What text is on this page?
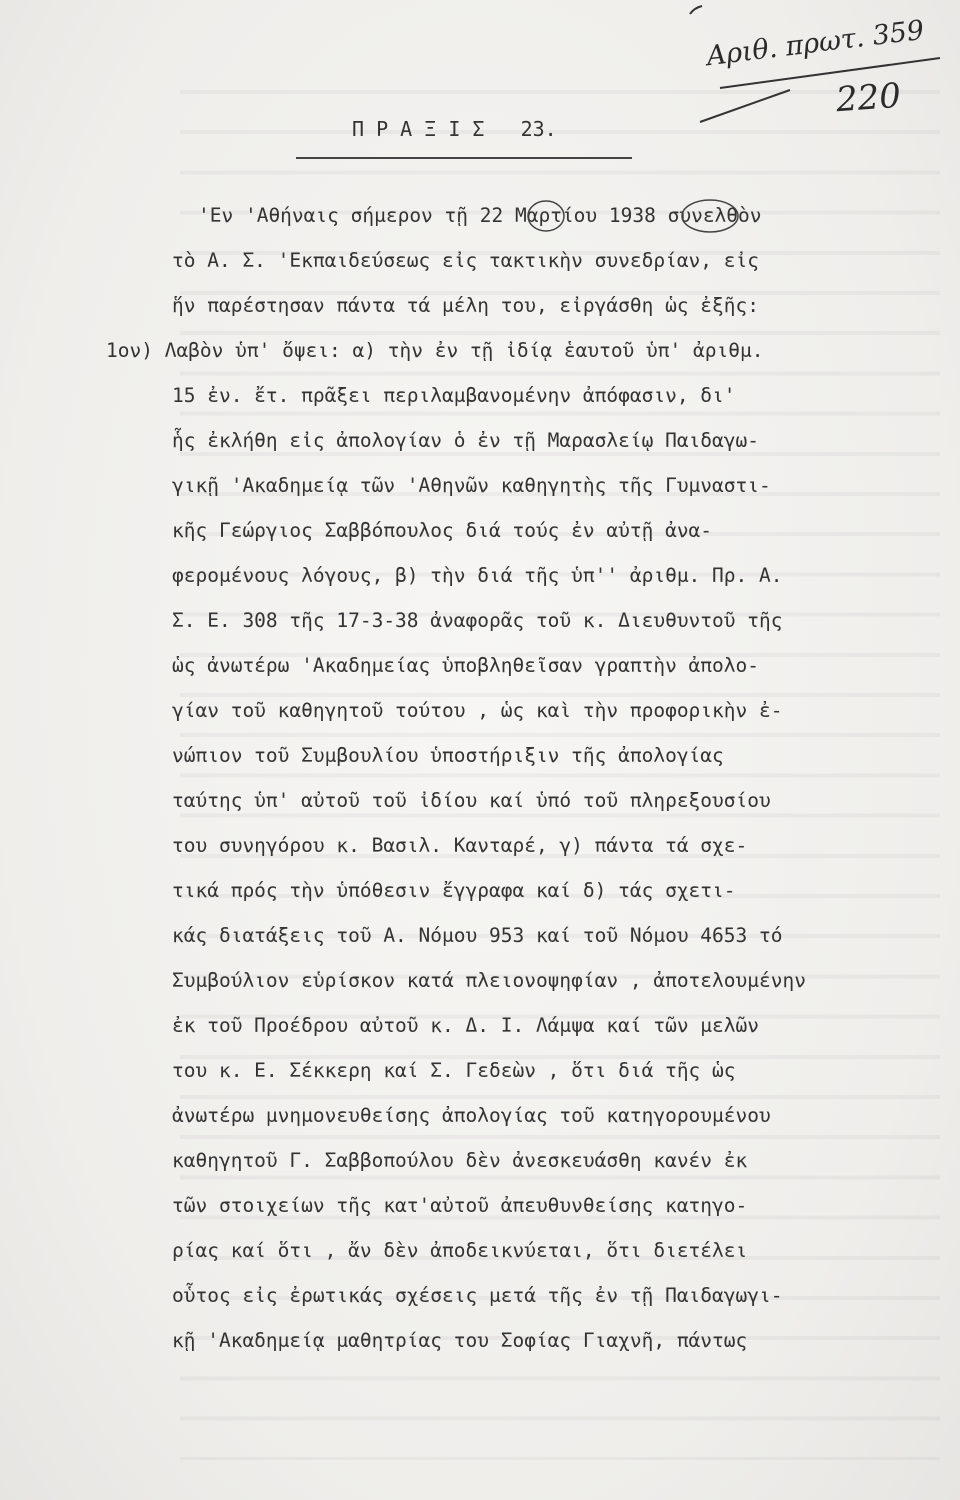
Αριθ. πρωτ. 359
220
Π Ρ Α Ξ Ι Σ   23.
'Εν 'Αθήναις σήμερον τῇ 22 Μαρτίου 1938 συνελθὸν
τὸ Α. Σ. 'Εκπαιδεύσεως εἰς τακτικὴν συνεδρίαν, εἰς
ἥν παρέστησαν πάντα τά μέλη του, εἰργάσθη ὡς ἐξῆς:
1ον) Λαβὸν ὑπ' ὄψει: α) τὴν ἐν τῇ ἰδίᾳ ἑαυτοῦ ὑπ' ἀριθμ.
15 ἐν. ἔτ. πρᾶξει περιλαμβανομένην ἀπόφασιν, δι'
ἧς ἐκλήθη εἰς ἀπολογίαν ὁ ἐν τῇ Μαρασλείῳ Παιδαγω-
γικῇ 'Ακαδημείᾳ τῶν 'Αθηνῶν καθηγητὴς τῆς Γυμναστι-
κῆς Γεώργιος Σαββόπουλος διά τούς ἐν αὐτῇ ἀνα-
φερομένους λόγους, β) τὴν διά τῆς ὑπ'' ἀριθμ. Πρ. Α.
Σ. Ε. 308 τῆς 17-3-38 ἀναφορᾶς τοῦ κ. Διευθυντοῦ τῆς
ὡς ἀνωτέρω 'Ακαδημείας ὑποβληθεῖσαν γραπτὴν ἀπολο-
γίαν τοῦ καθηγητοῦ τούτου , ὡς καὶ τὴν προφορικὴν ἐ-
νώπιον τοῦ Συμβουλίου ὑποστήριξιν τῆς ἀπολογίας
ταύτης ὑπ' αὐτοῦ τοῦ ἰδίου καί ὑπό τοῦ πληρεξουσίου
του συνηγόρου κ. Βασιλ. Κανταρέ, γ) πάντα τά σχε-
τικά πρός τὴν ὑπόθεσιν ἔγγραφα καί δ) τάς σχετι-
κάς διατάξεις τοῦ Α. Νόμου 953 καί τοῦ Νόμου 4653 τό
Συμβούλιον εὑρίσκον κατά πλειονοψηφίαν , ἀποτελουμένην
ἐκ τοῦ Προέδρου αὐτοῦ κ. Δ. Ι. Λάμψα καί τῶν μελῶν
του κ. Ε. Σέκκερη καί Σ. Γεδεὼν , ὅτι διά τῆς ὡς
ἀνωτέρω μνημονευθείσης ἀπολογίας τοῦ κατηγορουμένου
καθηγητοῦ Γ. Σαββοπούλου δὲν ἀνεσκευάσθη κανέν ἐκ
τῶν στοιχείων τῆς κατ'αὐτοῦ ἀπευθυνθείσης κατηγο-
ρίας καί ὅτι , ἄν δὲν ἀποδεικνύεται, ὅτι διετέλει
οὗτος εἰς ἐρωτικάς σχέσεις μετά τῆς ἐν τῇ Παιδαγωγι-
κῇ 'Ακαδημείᾳ μαθητρίας του Σοφίας Γιαχνῆ, πάντως
